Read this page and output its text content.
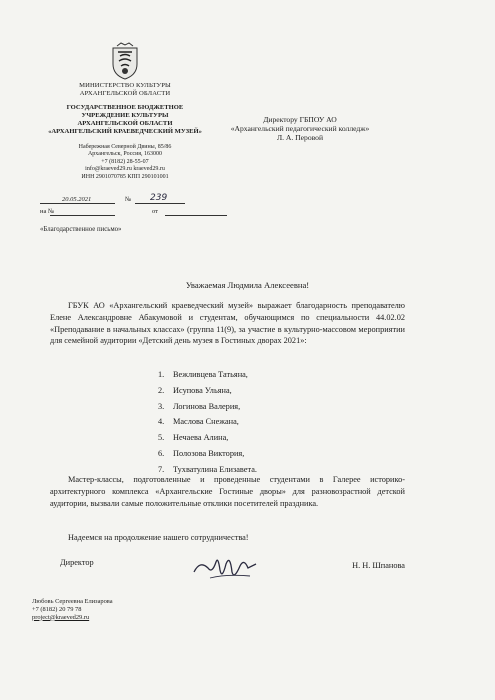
МИНИСТЕРСТВО КУЛЬТУРЫ
АРХАНГЕЛЬСКОЙ ОБЛАСТИ
ГОСУДАРСТВЕННОЕ БЮДЖЕТНОЕ
УЧРЕЖДЕНИЕ КУЛЬТУРЫ
АРХАНГЕЛЬСКОЙ ОБЛАСТИ
«АРХАНГЕЛЬСКИЙ КРАЕВЕДЧЕСКИЙ МУЗЕЙ»
Набережная Северной Двины, 85/86
Архангельск, Россия, 163000
+7 (8182) 28-55-07
info@kraeved29.ru kraeved29.ru
ИНН 2901070785 КПП 290101001
20.05.2021	№ 239
на №	от
«Благодарственное письмо»
Директору ГБПОУ АО
«Архангельский педагогический колледж»
Л. А. Перовой
Уважаемая Людмила Алексеевна!
ГБУК АО «Архангельский краеведческий музей» выражает благодарность преподавателю Елене Александровне Абакумовой и студентам, обучающимся по специальности 44.02.02 «Преподавание в начальных классах» (группа 11(9), за участие в культурно-массовом мероприятии для семейной аудитории «Детский день музея в Гостиных дворах 2021»:
1. Вежливцева Татьяна,
2. Исупова Ульяна,
3. Логинова Валерия,
4. Маслова Снежана,
5. Нечаева Алина,
6. Полозова Виктория,
7. Тухватулина Елизавета.
Мастер-классы, подготовленные и проведенные студентами в Галерее историко-архитектурного комплекса «Архангельские Гостиные дворы» для разновозрастной детской аудитории, вызвали самые положительные отклики посетителей праздника.
Надеемся на продолжение нашего сотрудничества!
Директор	Н. Н. Шпанова
Любовь Сергеевна Елизарова
+7 (8182) 20 79 78
project@kraeved29.ru
